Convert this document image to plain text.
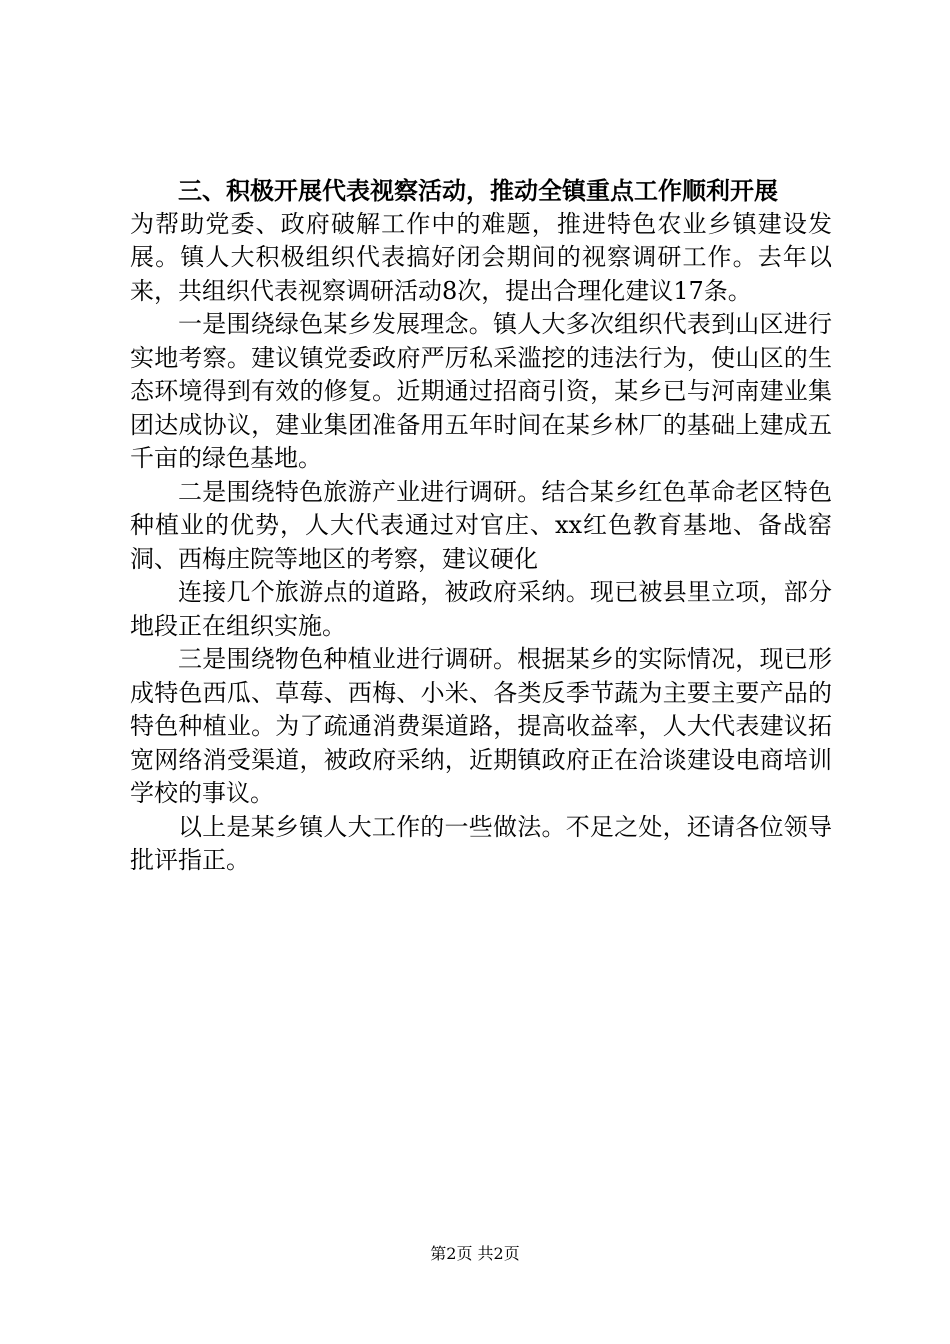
三、积极开展代表视察活动，推动全镇重点工作顺利开展

为帮助党委、政府破解工作中的难题，推进特色农业乡镇建设发展。镇人大积极组织代表搞好闭会期间的视察调研工作。去年以来，共组织代表视察调研活动8次，提出合理化建议17条。

一是围绕绿色某乡发展理念。镇人大多次组织代表到山区进行实地考察。建议镇党委政府严厉私采滥挖的违法行为，使山区的生态环境得到有效的修复。近期通过招商引资，某乡已与河南建业集团达成协议，建业集团准备用五年时间在某乡林厂的基础上建成五千亩的绿色基地。

二是围绕特色旅游产业进行调研。结合某乡红色革命老区特色种植业的优势，人大代表通过对官庄、xx红色教育基地、备战窑洞、西梅庄院等地区的考察，建议硬化

连接几个旅游点的道路，被政府采纳。现已被县里立项，部分地段正在组织实施。

三是围绕物色种植业进行调研。根据某乡的实际情况，现已形成特色西瓜、草莓、西梅、小米、各类反季节蔬为主要主要产品的特色种植业。为了疏通消费渠道路，提高收益率，人大代表建议拓宽网络消受渠道，被政府采纳，近期镇政府正在洽谈建设电商培训学校的事议。

以上是某乡镇人大工作的一些做法。不足之处，还请各位领导批评指正。

第2页 共2页
